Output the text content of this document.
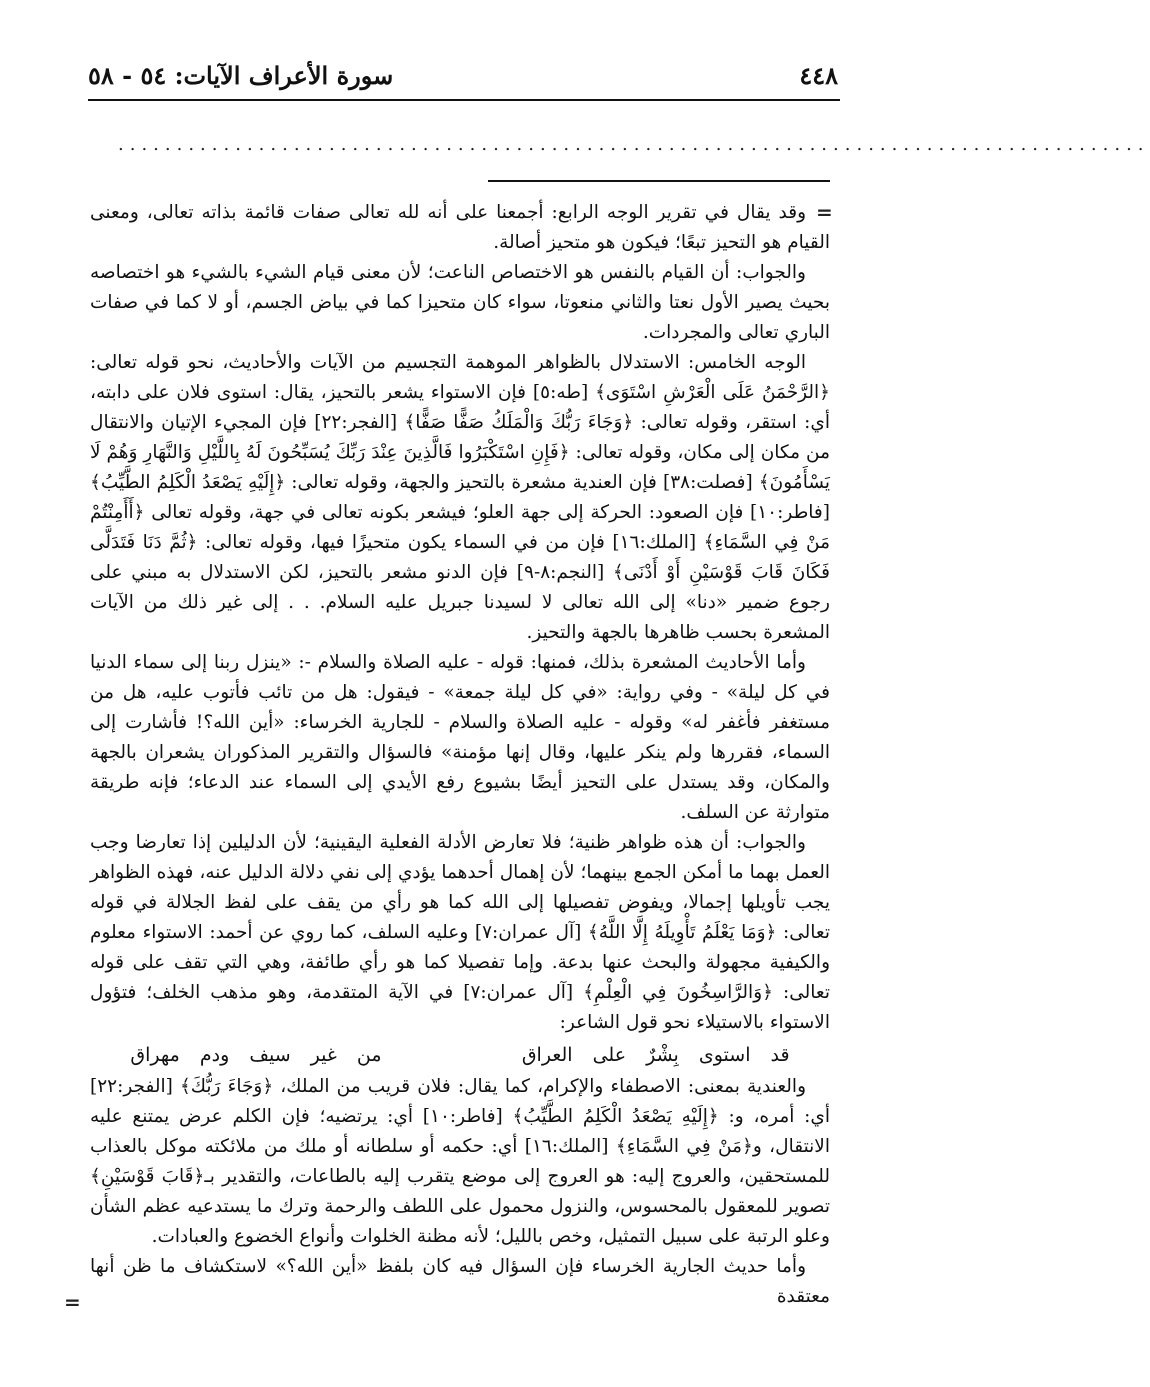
٤٤٨
سورة الأعراف الآيات: ٥٤ - ٥٨
........................................................................................
=
=

وقد يقال في تقرير الوجه الرابع: أجمعنا على أنه لله تعالى صفات قائمة بذاته تعالى، ومعنى القيام هو التحيز تبعًا؛ فيكون هو متحيز أصالة.

والجواب: أن القيام بالنفس هو الاختصاص الناعت؛ لأن معنى قيام الشيء بالشيء هو اختصاصه بحيث يصير الأول نعتا والثاني منعوتا، سواء كان متحيزا كما في بياض الجسم، أو لا كما في صفات الباري تعالى والمجردات.

الوجه الخامس: الاستدلال بالظواهر الموهمة التجسيم من الآيات والأحاديث، نحو قوله تعالى: ﴿الرَّحْمَنُ عَلَى الْعَرْشِ اسْتَوَى﴾ [طه:٥] فإن الاستواء يشعر بالتحيز، يقال: استوى فلان على دابته، أي: استقر، وقوله تعالى: ﴿وَجَاءَ رَبُّكَ وَالْمَلَكُ صَفًّا صَفًّا﴾ [الفجر:٢٢] فإن المجيء الإتيان والانتقال من مكان إلى مكان، وقوله تعالى: ﴿فَإِنِ اسْتَكْبَرُوا فَالَّذِينَ عِنْدَ رَبِّكَ يُسَبِّحُونَ لَهُ بِاللَّيْلِ وَالنَّهَارِ وَهُمْ لَا يَسْأَمُونَ﴾ [فصلت:٣٨] فإن العندية مشعرة بالتحيز والجهة، وقوله تعالى: ﴿إِلَيْهِ يَصْعَدُ الْكَلِمُ الطَّيِّبُ﴾ [فاطر:١٠] فإن الصعود: الحركة إلى جهة العلو؛ فيشعر بكونه تعالى في جهة، وقوله تعالى ﴿أَأَمِنْتُمْ مَنْ فِي السَّمَاءِ﴾ [الملك:١٦] فإن من في السماء يكون متحيزًا فيها، وقوله تعالى: ﴿ثُمَّ دَنَا فَتَدَلَّى فَكَانَ قَابَ قَوْسَيْنِ أَوْ أَدْنَى﴾ [النجم:٨-٩] فإن الدنو مشعر بالتحيز، لكن الاستدلال به مبني على رجوع ضمير «دنا» إلى الله تعالى لا لسيدنا جبريل عليه السلام. . . إلى غير ذلك من الآيات المشعرة بحسب ظاهرها بالجهة والتحيز.

وأما الأحاديث المشعرة بذلك، فمنها: قوله - عليه الصلاة والسلام -: «ينزل ربنا إلى سماء الدنيا في كل ليلة» - وفي رواية: «في كل ليلة جمعة» - فيقول: هل من تائب فأتوب عليه، هل من مستغفر فأغفر له» وقوله - عليه الصلاة والسلام - للجارية الخرساء: «أين الله؟! فأشارت إلى السماء، فقررها ولم ينكر عليها، وقال إنها مؤمنة» فالسؤال والتقرير المذكوران يشعران بالجهة والمكان، وقد يستدل على التحيز أيضًا بشيوع رفع الأيدي إلى السماء عند الدعاء؛ فإنه طريقة متوارثة عن السلف.

والجواب: أن هذه ظواهر ظنية؛ فلا تعارض الأدلة الفعلية اليقينية؛ لأن الدليلين إذا تعارضا وجب العمل بهما ما أمكن الجمع بينهما؛ لأن إهمال أحدهما يؤدي إلى نفي دلالة الدليل عنه، فهذه الظواهر يجب تأويلها إجمالا، ويفوض تفصيلها إلى الله كما هو رأي من يقف على لفظ الجلالة في قوله تعالى: ﴿وَمَا يَعْلَمُ تَأْوِيلَهُ إِلَّا اللَّهُ﴾ [آل عمران:٧] وعليه السلف، كما روي عن أحمد: الاستواء معلوم والكيفية مجهولة والبحث عنها بدعة. وإما تفصيلا كما هو رأي طائفة، وهي التي تقف على قوله تعالى: ﴿وَالرَّاسِخُونَ فِي الْعِلْمِ﴾ [آل عمران:٧] في الآية المتقدمة، وهو مذهب الخلف؛ فتؤول الاستواء بالاستيلاء نحو قول الشاعر:

قد استوى بِشْرٌ على العراق       من غير سيف ودم مهراق

والعندية بمعنى: الاصطفاء والإكرام، كما يقال: فلان قريب من الملك، ﴿وَجَاءَ رَبُّكَ﴾ [الفجر:٢٢] أي: أمره، و: ﴿إِلَيْهِ يَصْعَدُ الْكَلِمُ الطَّيِّبُ﴾ [فاطر:١٠] أي: يرتضيه؛ فإن الكلم عرض يمتنع عليه الانتقال، و﴿مَنْ فِي السَّمَاءِ﴾ [الملك:١٦] أي: حكمه أو سلطانه أو ملك من ملائكته موكل بالعذاب للمستحقين، والعروج إليه: هو العروج إلى موضع يتقرب إليه بالطاعات، والتقدير بـ﴿قَابَ قَوْسَيْنِ﴾ تصوير للمعقول بالمحسوس، والنزول محمول على اللطف والرحمة وترك ما يستدعيه عظم الشأن وعلو الرتبة على سبيل التمثيل، وخص بالليل؛ لأنه مظنة الخلوات وأنواع الخضوع والعبادات.

وأما حديث الجارية الخرساء فإن السؤال فيه كان بلفظ «أين الله؟» لاستكشاف ما ظن أنها معتقدة
